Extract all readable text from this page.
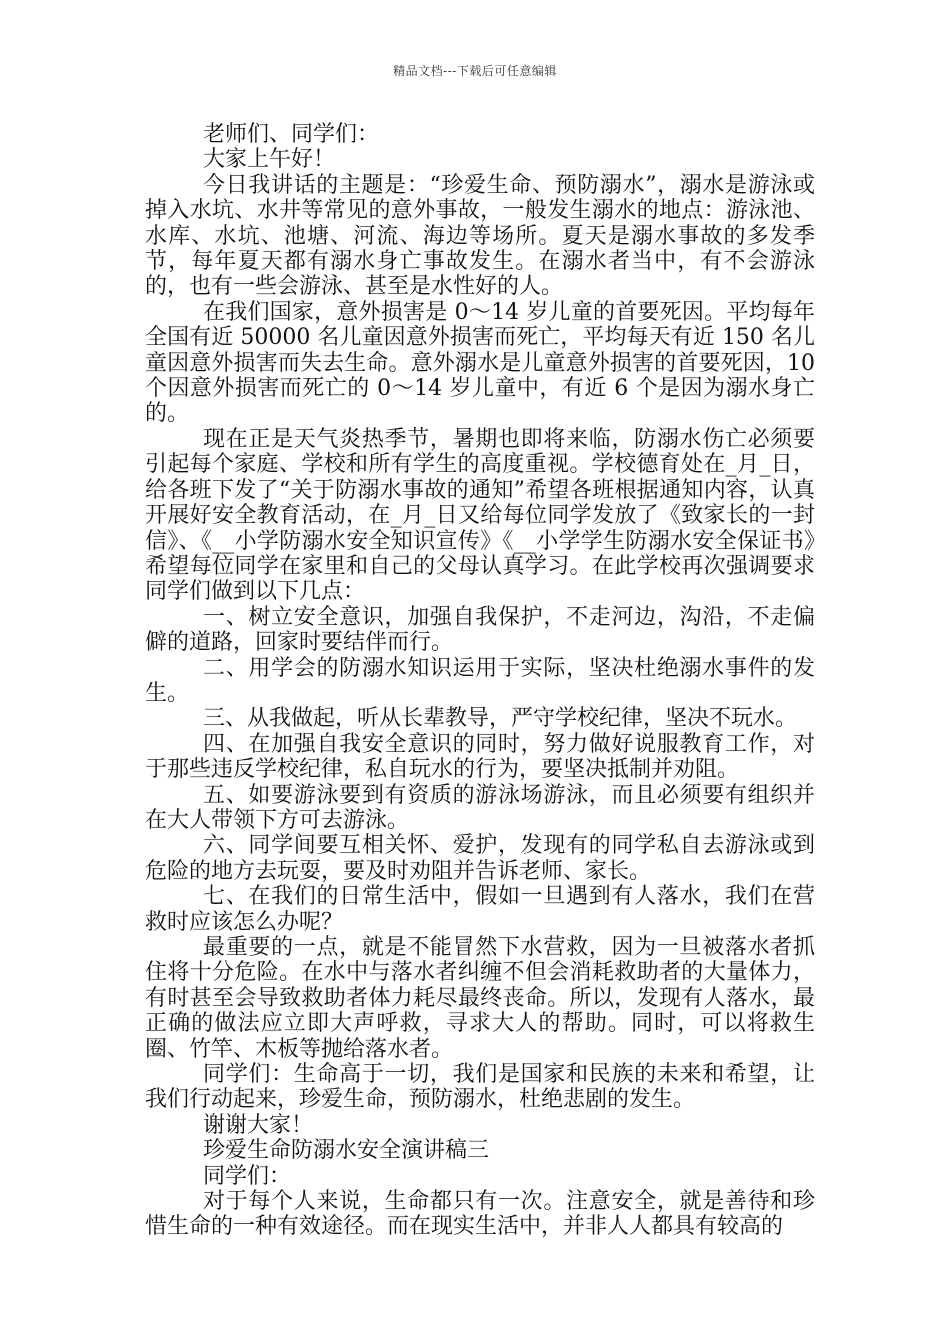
精品文档---下载后可任意编辑

老师们、同学们：

大家上午好！

今日我讲话的主题是：“珍爱生命、预防溺水”，溺水是游泳或掉入水坑、水井等常见的意外事故，一般发生溺水的地点：游泳池、水库、水坑、池塘、河流、海边等场所。夏天是溺水事故的多发季节，每年夏天都有溺水身亡事故发生。在溺水者当中，有不会游泳的，也有一些会游泳、甚至是水性好的人。

在我们国家，意外损害是 0～14 岁儿童的首要死因。平均每年全国有近 50000 名儿童因意外损害而死亡，平均每天有近 150 名儿童因意外损害而失去生命。意外溺水是儿童意外损害的首要死因，10 个因意外损害而死亡的 0～14 岁儿童中，有近 6 个是因为溺水身亡的。

现在正是天气炎热季节，暑期也即将来临，防溺水伤亡必须要引起每个家庭、学校和所有学生的高度重视。学校德育处在_月_日，给各班下发了“关于防溺水事故的通知”希望各班根据通知内容，认真开展好安全教育活动，在_月_日又给每位同学发放了《致家长的一封信》、《__小学防溺水安全知识宣传》《__小学学生防溺水安全保证书》希望每位同学在家里和自己的父母认真学习。在此学校再次强调要求同学们做到以下几点：

一、树立安全意识，加强自我保护，不走河边，沟沿，不走偏僻的道路，回家时要结伴而行。

二、用学会的防溺水知识运用于实际，坚决杜绝溺水事件的发生。

三、从我做起，听从长辈教导，严守学校纪律，坚决不玩水。

四、在加强自我安全意识的同时，努力做好说服教育工作，对于那些违反学校纪律，私自玩水的行为，要坚决抵制并劝阻。

五、如要游泳要到有资质的游泳场游泳，而且必须要有组织并在大人带领下方可去游泳。

六、同学间要互相关怀、爱护，发现有的同学私自去游泳或到危险的地方去玩耍，要及时劝阻并告诉老师、家长。

七、在我们的日常生活中，假如一旦遇到有人落水，我们在营救时应该怎么办呢？

最重要的一点，就是不能冒然下水营救，因为一旦被落水者抓住将十分危险。在水中与落水者纠缠不但会消耗救助者的大量体力，有时甚至会导致救助者体力耗尽最终丧命。所以，发现有人落水，最正确的做法应立即大声呼救，寻求大人的帮助。同时，可以将救生圈、竹竿、木板等抛给落水者。

同学们：生命高于一切，我们是国家和民族的未来和希望，让我们行动起来，珍爱生命，预防溺水，杜绝悲剧的发生。

谢谢大家！

珍爱生命防溺水安全演讲稿三

同学们：

对于每个人来说，生命都只有一次。注意安全，就是善待和珍惜生命的一种有效途径。而在现实生活中，并非人人都具有较高的
